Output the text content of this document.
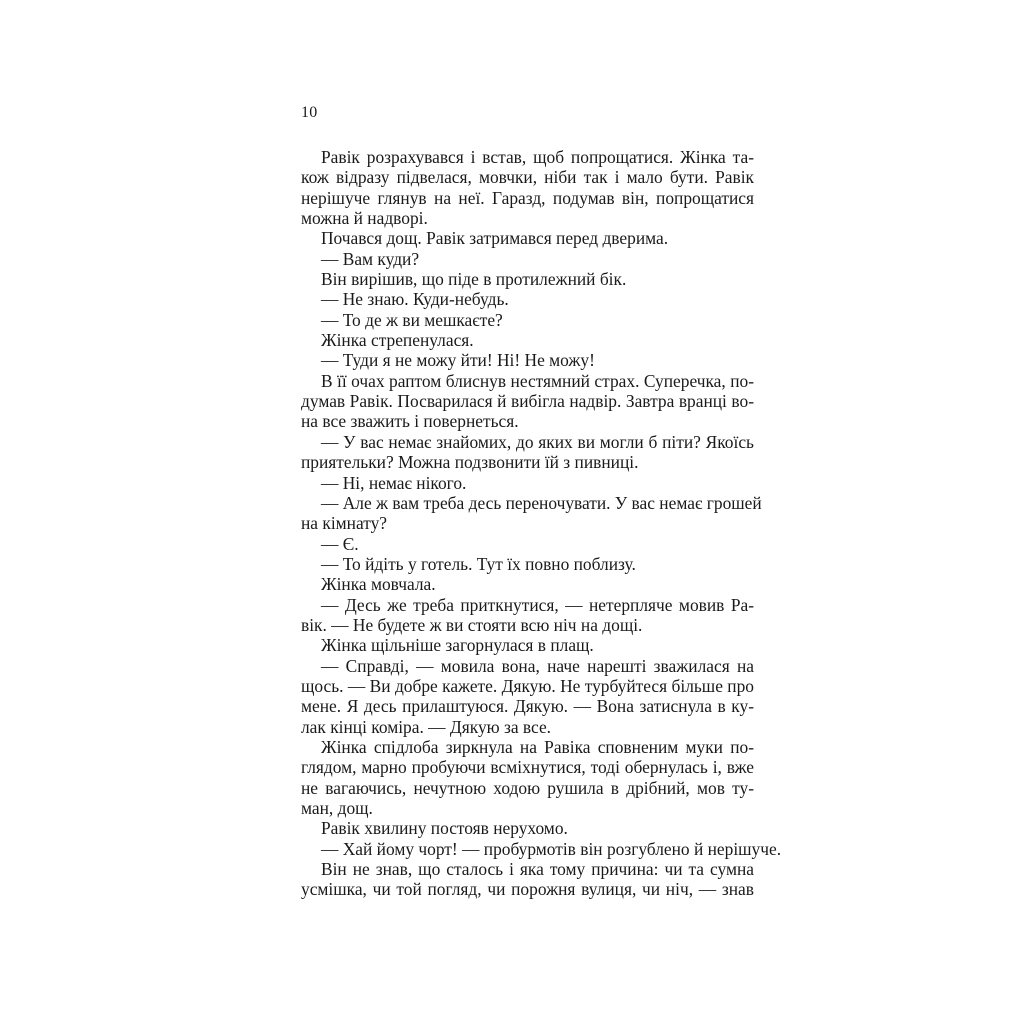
10
Равік розрахувався і встав, щоб попрощатися. Жінка та-
кож відразу підвелася, мовчки, ніби так і мало бути. Равік
нерішуче глянув на неї. Гаразд, подумав він, попрощатися
можна й надворі.
Почався дощ. Равік затримався перед дверима.
— Вам куди?
Він вирішив, що піде в протилежний бік.
— Не знаю. Куди-небудь.
— То де ж ви мешкаєте?
Жінка стрепенулася.
— Туди я не можу йти! Ні! Не можу!
В її очах раптом блиснув нестямний страх. Суперечка, по-
думав Равік. Посварилася й вибігла надвір. Завтра вранці во-
на все зважить і повернеться.
— У вас немає знайомих, до яких ви могли б піти? Якоїсь
приятельки? Можна подзвонити їй з пивниці.
— Ні, немає нікого.
— Але ж вам треба десь переночувати. У вас немає грошей
на кімнату?
— Є.
— То йдіть у готель. Тут їх повно поблизу.
Жінка мовчала.
— Десь же треба приткнутися, — нетерпляче мовив Ра-
вік. — Не будете ж ви стояти всю ніч на дощі.
Жінка щільніше загорнулася в плащ.
— Справді, — мовила вона, наче нарешті зважилася на
щось. — Ви добре кажете. Дякую. Не турбуйтеся більше про
мене. Я десь прилаштуюся. Дякую. — Вона затиснула в ку-
лак кінці коміра. — Дякую за все.
Жінка спідлоба зиркнула на Равіка сповненим муки по-
глядом, марно пробуючи всміхнутися, тоді обернулась і, вже
не вагаючись, нечутною ходою рушила в дрібний, мов ту-
ман, дощ.
Равік хвилину постояв нерухомо.
— Хай йому чорт! — пробурмотів він розгублено й нерішуче.
Він не знав, що сталось і яка тому причина: чи та сумна
усмішка, чи той погляд, чи порожня вулиця, чи ніч, — знав
